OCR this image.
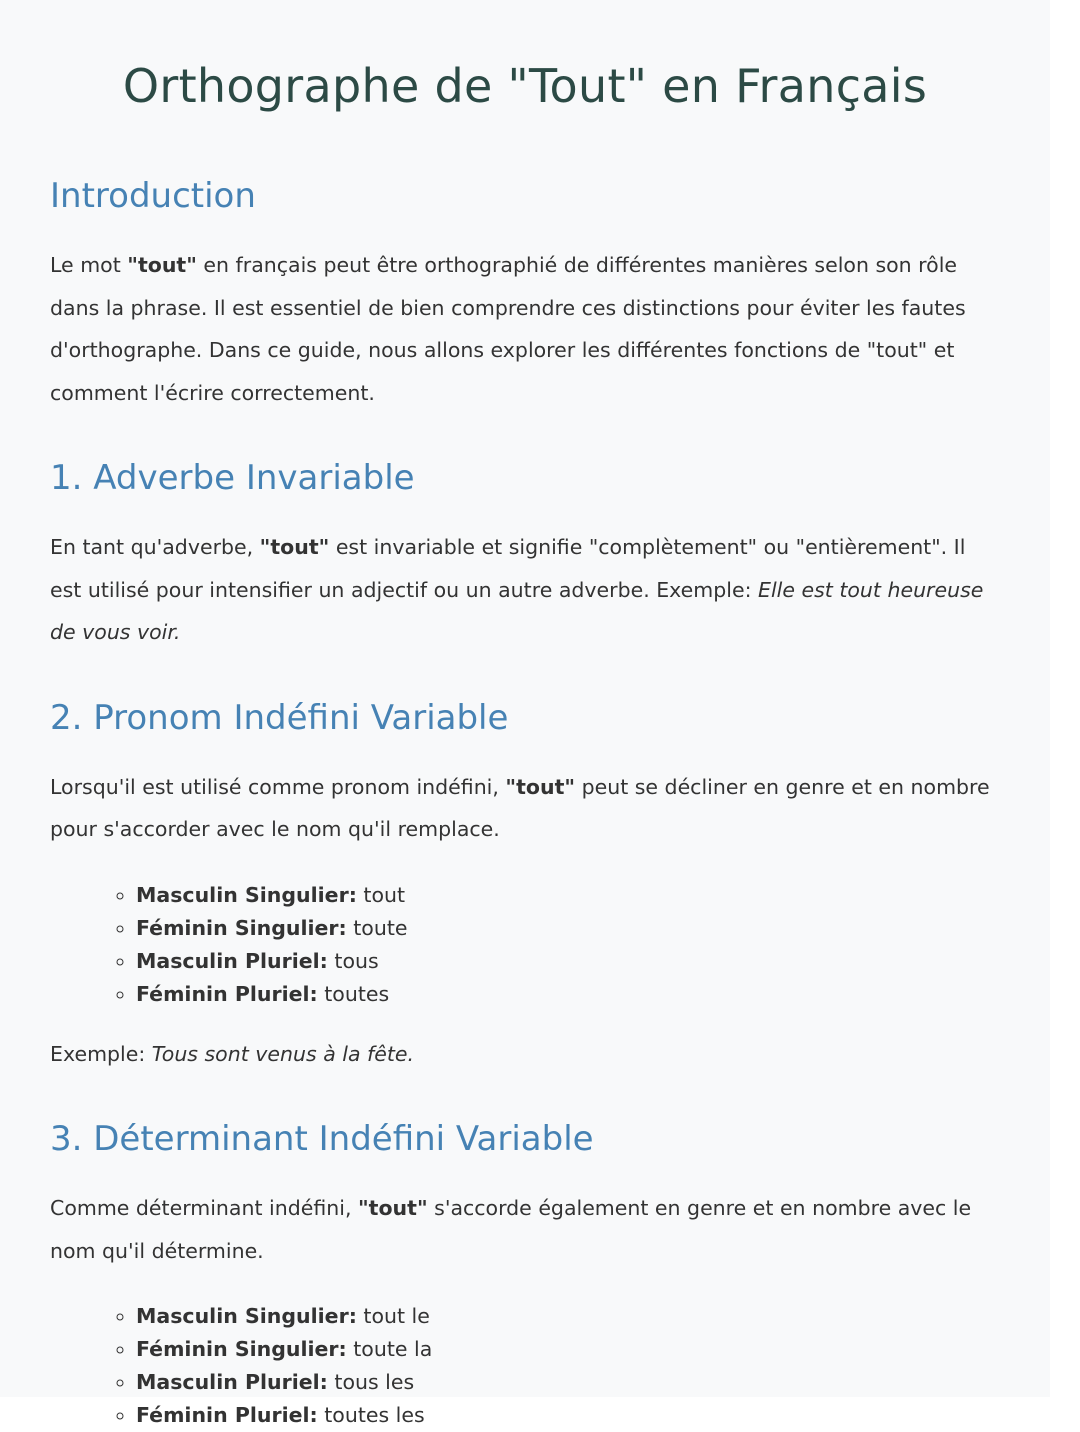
Orthographe de "Tout" en Français
Introduction

Le mot "tout" en français peut être orthographié de différentes manières selon son rôle dans la phrase. Il est essentiel de bien comprendre ces distinctions pour éviter les fautes d'orthographe. Dans ce guide, nous allons explorer les différentes fonctions de "tout" et comment l'écrire correctement.

1. Adverbe Invariable

En tant qu'adverbe, "tout" est invariable et signifie "complètement" ou "entièrement". Il est utilisé pour intensifier un adjectif ou un autre adverbe. Exemple: Elle est tout heureuse de vous voir.

2. Pronom Indéfini Variable

Lorsqu'il est utilisé comme pronom indéfini, "tout" peut se décliner en genre et en nombre pour s'accorder avec le nom qu'il remplace.

◦ Masculin Singulier: tout
◦ Féminin Singulier: toute
◦ Masculin Pluriel: tous
◦ Féminin Pluriel: toutes

Exemple: Tous sont venus à la fête.

3. Déterminant Indéfini Variable

Comme déterminant indéfini, "tout" s'accorde également en genre et en nombre avec le nom qu'il détermine.

◦ Masculin Singulier: tout le
◦ Féminin Singulier: toute la
◦ Masculin Pluriel: tous les
◦ Féminin Pluriel: toutes les
